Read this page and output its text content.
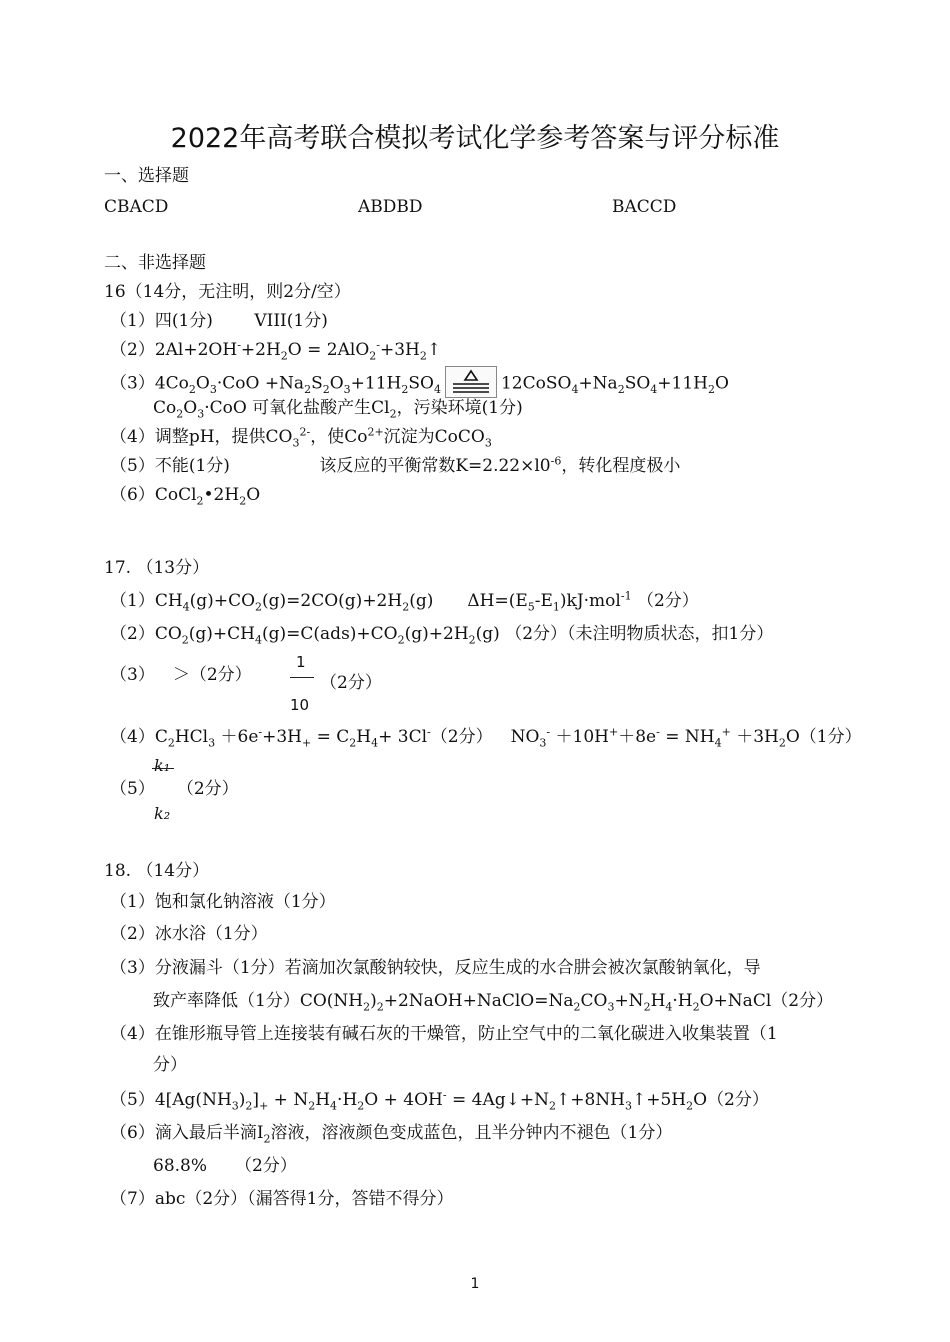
2022年高考联合模拟考试化学参考答案与评分标准
一、选择题
CBACD	ABDBD	BACCD
二、非选择题
16（14分，无注明，则2分/空）
（1）四(1分) VIII(1分)
$(2)2Al+2OH^-+2H_2O$ = $2AlO_2^-+3H_2↑$
$(3)4Co_2O_3\cdot CoO +Na_2S_2O_3+11H_2SO_4$	$12CoSO_4+Na_2SO_4+11H_2O$
$Co_2O_3\cdot CoO$ 可氧化盐酸产生$Cl_2$，污染环境(1分)
（4）调整pH，提供$CO_3^{2-}$，使$Co^{2+}$沉淀为CoCO$_3$
（5）不能(1分)	该反应的平衡常数$K=2.22\times l0^{-6}$，转化程度极小
$(6)CoCl_2•2H_2O$
17. （13分）
$(1)CH_4(g)+CO_2(g)=2CO(g)+2H_2(g)$ $\Delta H=(E_5-E_1)kJ\cdot mol^{-1}$ （2分）
$(2)CO_2(g)+CH_4(g)=C(ads)+CO_2(g)+2H_2(g)$ （2分）（未注明物质状态，扣1分）
（3） ＞（2分）
1
10
（2分）
$(4)C_2HCl_3 +6e^-+3H_+ = C_2H_4+ 3Cl^-(2$分） $NO_3^- +10H^++8e^- = NH_4^+ +3H_2O(1$分）
k₁
（5） （2分）
k₂
18. （14分）
（1）饱和氯化钠溶液（1分）
（2）冰水浴（1分）
（3）分液漏斗（1分）若滴加次氯酸钠较快，反应生成的水合肼会被次氯酸钠氧化，导
致产率降低（1分）$CO(NH_2)_2+2NaOH+NaClO=Na_2CO_3+N_2H_4\cdot H_2O+NaCl(2$分）
（4）在锥形瓶导管上连接装有碱石灰的干燥管，防止空气中的二氧化碳进入收集装置（1
分）
$(5)4[Ag(NH_3)_2]_+ + N_2H_4\cdot H_2O + 4OH^-$ = $4Ag↓+N_2↑+8NH_3↑+5H_2O(2$分）
（6）滴入最后半滴$I_2$溶液，溶液颜色变成蓝色，且半分钟内不褪色（1分）
68.8% （2分）
（7）abc（2分）（漏答得1分，答错不得分）
1
